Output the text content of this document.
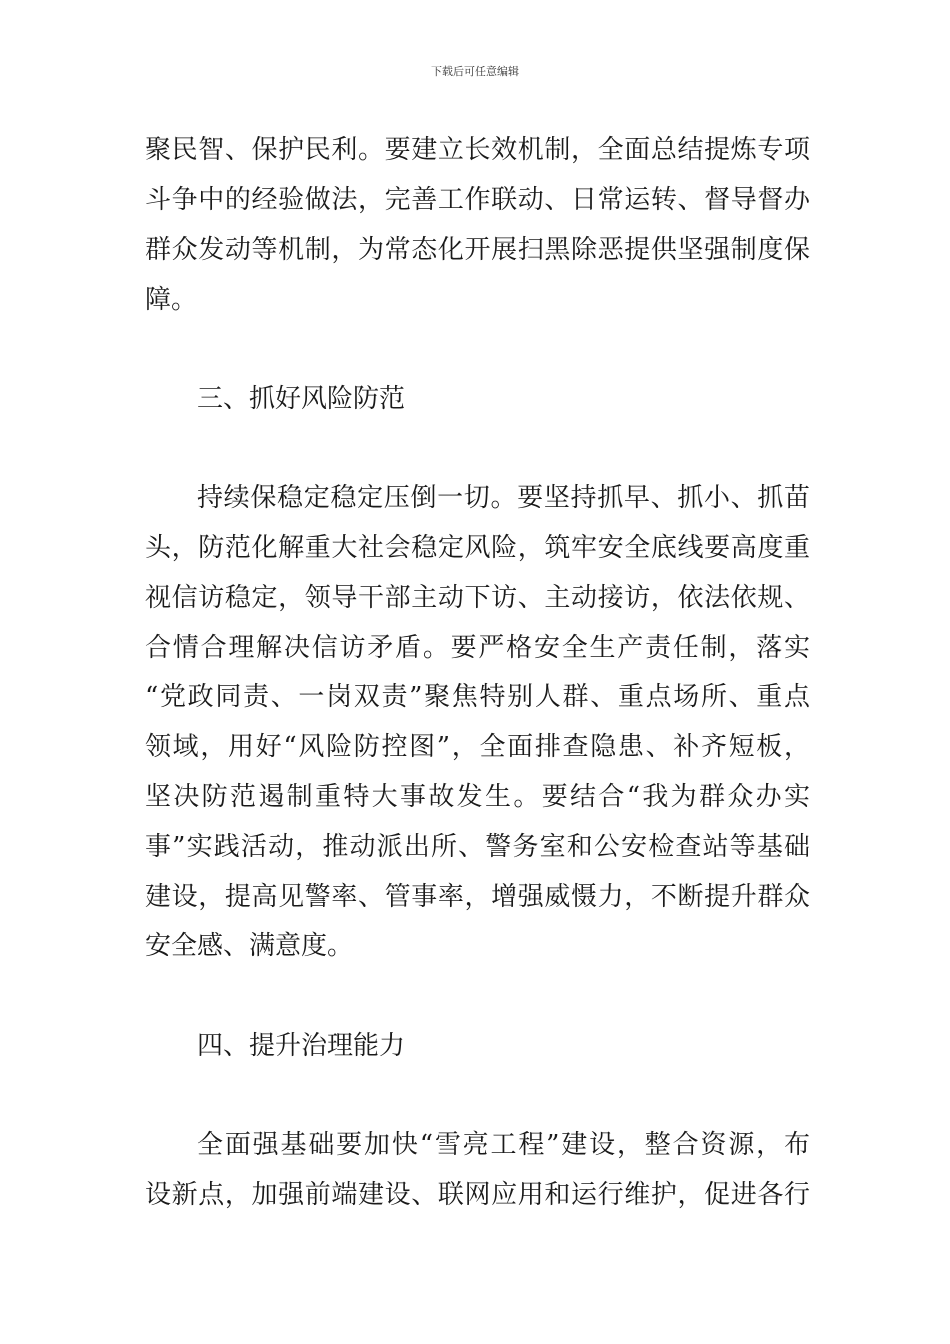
下载后可任意编辑
聚民智、保护民利。要建立长效机制，全面总结提炼专项
斗争中的经验做法，完善工作联动、日常运转、督导督办
群众发动等机制，为常态化开展扫黑除恶提供坚强制度保
障。
三、抓好风险防范
持续保稳定稳定压倒一切。要坚持抓早、抓小、抓苗
头，防范化解重大社会稳定风险，筑牢安全底线要高度重
视信访稳定，领导干部主动下访、主动接访，依法依规、
合情合理解决信访矛盾。要严格安全生产责任制，落实
“党政同责、一岗双责”聚焦特别人群、重点场所、重点
领域，用好“风险防控图”，全面排查隐患、补齐短板，
坚决防范遏制重特大事故发生。要结合“我为群众办实
事”实践活动，推动派出所、警务室和公安检查站等基础
建设，提高见警率、管事率，增强威慑力，不断提升群众
安全感、满意度。
四、提升治理能力
全面强基础要加快“雪亮工程”建设，整合资源，布
设新点，加强前端建设、联网应用和运行维护，促进各行
